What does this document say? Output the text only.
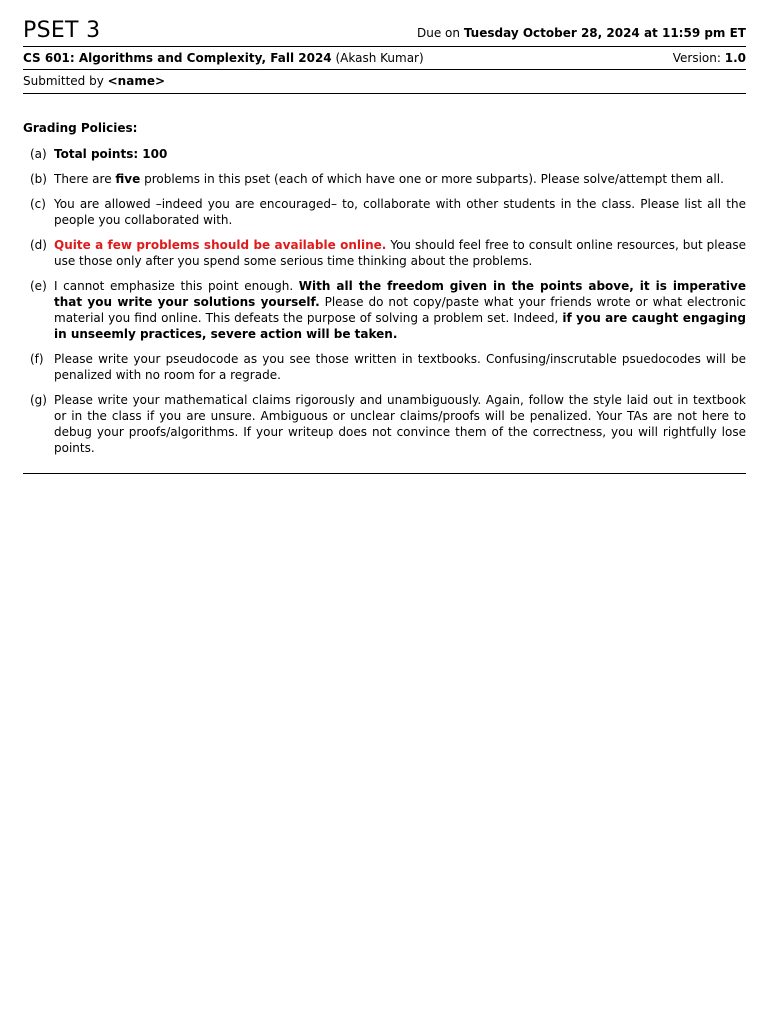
PSET 3	Due on Tuesday October 28, 2024 at 11:59 pm ET
CS 601: Algorithms and Complexity, Fall 2024 (Akash Kumar)	Version: 1.0
Submitted by <name>
Grading Policies:
(a) Total points: 100
(b) There are five problems in this pset (each of which have one or more subparts). Please solve/attempt them all.
(c) You are allowed –indeed you are encouraged– to, collaborate with other students in the class. Please list all the people you collaborated with.
(d) Quite a few problems should be available online. You should feel free to consult online resources, but please use those only after you spend some serious time thinking about the problems.
(e) I cannot emphasize this point enough. With all the freedom given in the points above, it is imperative that you write your solutions yourself. Please do not copy/paste what your friends wrote or what electronic material you find online. This defeats the purpose of solving a problem set. Indeed, if you are caught engaging in unseemly practices, severe action will be taken.
(f) Please write your pseudocode as you see those written in textbooks. Confusing/inscrutable psuedocodes will be penalized with no room for a regrade.
(g) Please write your mathematical claims rigorously and unambiguously. Again, follow the style laid out in textbook or in the class if you are unsure. Ambiguous or unclear claims/proofs will be penalized. Your TAs are not here to debug your proofs/algorithms. If your writeup does not convince them of the correctness, you will rightfully lose points.
